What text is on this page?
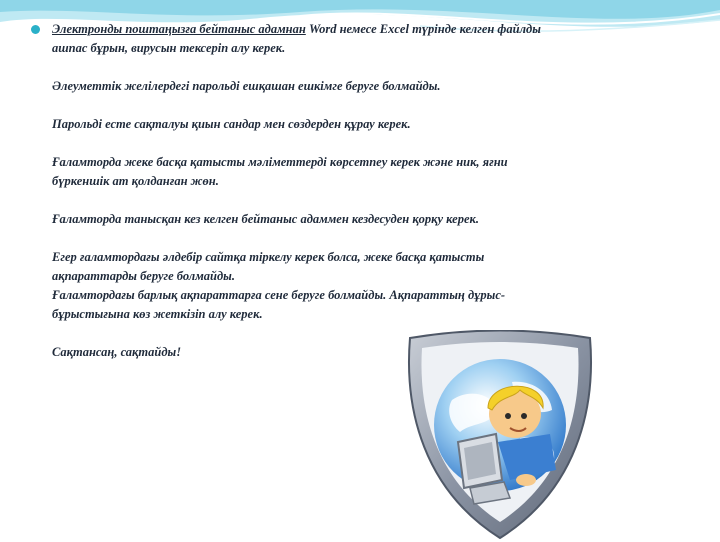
Электронды поштаңызға бейтаныс адамнан Word немесе Excel түрінде келген файлды
ашпас бұрын, вирусын тексеріп алу керек.
Әлеуметтік желілердегі парольді ешқашан ешкімге беруге болмайды.
Парольді есте сақталуы қиын сандар мен сөздерден құрау керек.
Ғаламторда жеке басқа қатысты мәліметтерді көрсетпеу керек және ник, яғни
бүркеншік ат қолданған жөн.
Ғаламторда танысқан кез келген бейтаныс адаммен кездесуден қорқу керек.
Егер ғаламтордағы әлдебір сайтқа тіркелу керек болса, жеке басқа қатысты
ақпараттарды беруге болмайды.
Ғаламтордағы барлық ақпараттарға сене беруге болмайды. Ақпараттың дұрыс-
бұрыстығына көз жеткізіп алу керек.
Сақтансаң, сақтайды!
